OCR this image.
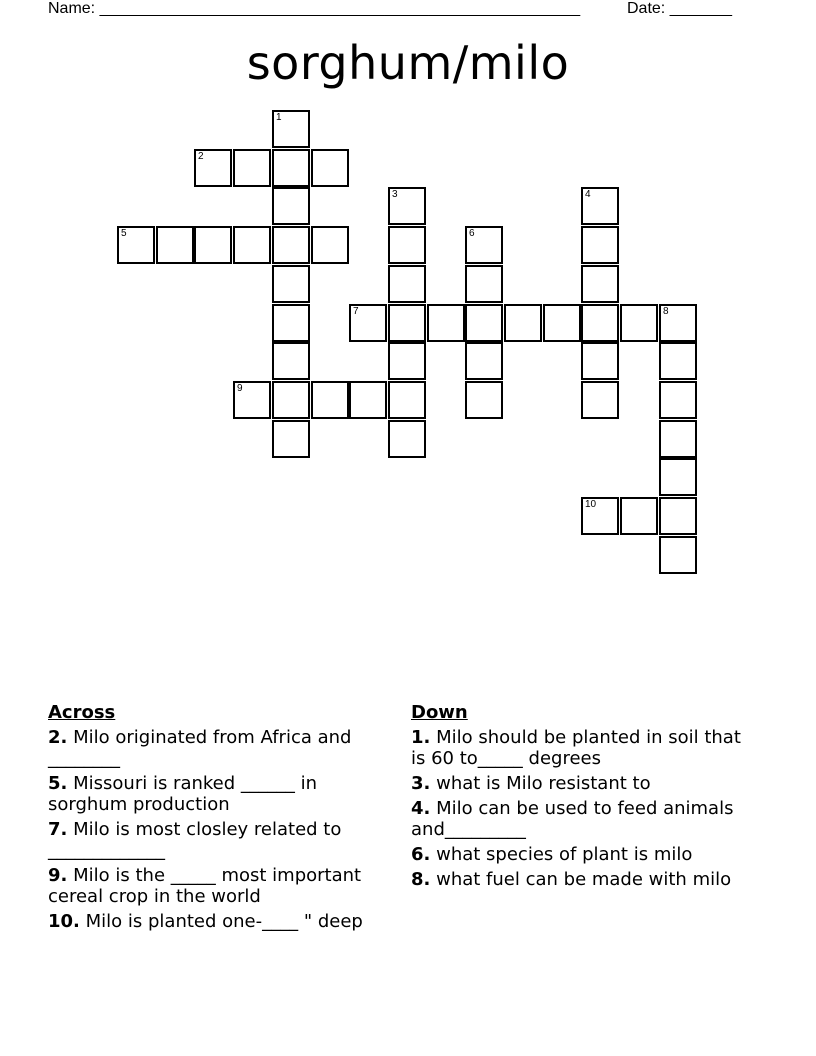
Name: ______________________________________________________	Date: _______
sorghum/milo
1
2
3	4
5	6
7	8
9
10
Across
2. Milo originated from Africa and ________
5. Missouri is ranked ______ in sorghum production
7. Milo is most closley related to _____________
9. Milo is the _____ most important cereal crop in the world
10. Milo is planted one-____ " deep
Down
1. Milo should be planted in soil that is 60 to_____ degrees
3. what is Milo resistant to
4. Milo can be used to feed animals and_________
6. what species of plant is milo
8. what fuel can be made with milo
